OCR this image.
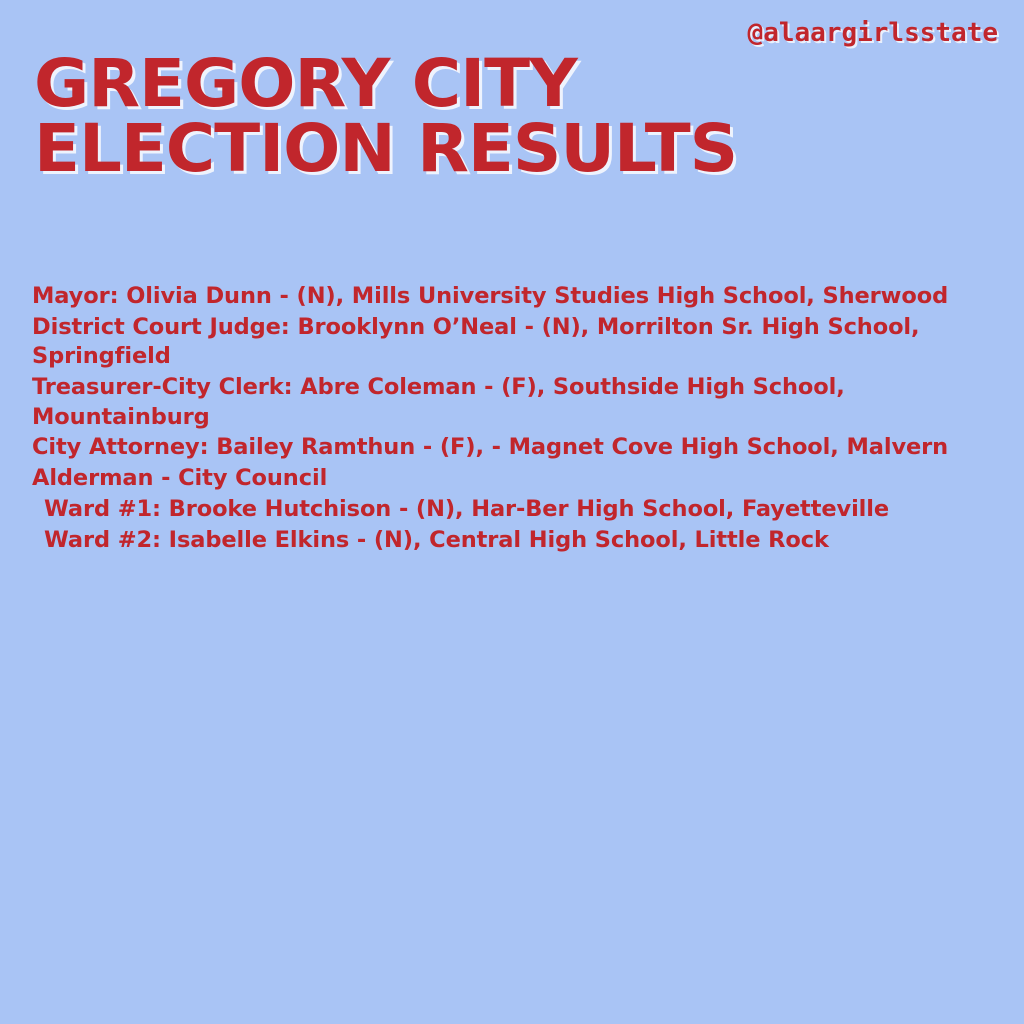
@alaargirlsstate
GREGORY CITY
ELECTION RESULTS

Mayor: Olivia Dunn - (N), Mills University Studies High School, Sherwood

District Court Judge: Brooklynn O’Neal - (N), Morrilton Sr. High School, Springfield

Treasurer-City Clerk: Abre Coleman - (F), Southside High School, Mountainburg

City Attorney: Bailey Ramthun - (F), - Magnet Cove High School, Malvern

Alderman - City Council

Ward #1: Brooke Hutchison - (N), Har-Ber High School, Fayetteville

Ward #2: Isabelle Elkins - (N), Central High School, Little Rock
